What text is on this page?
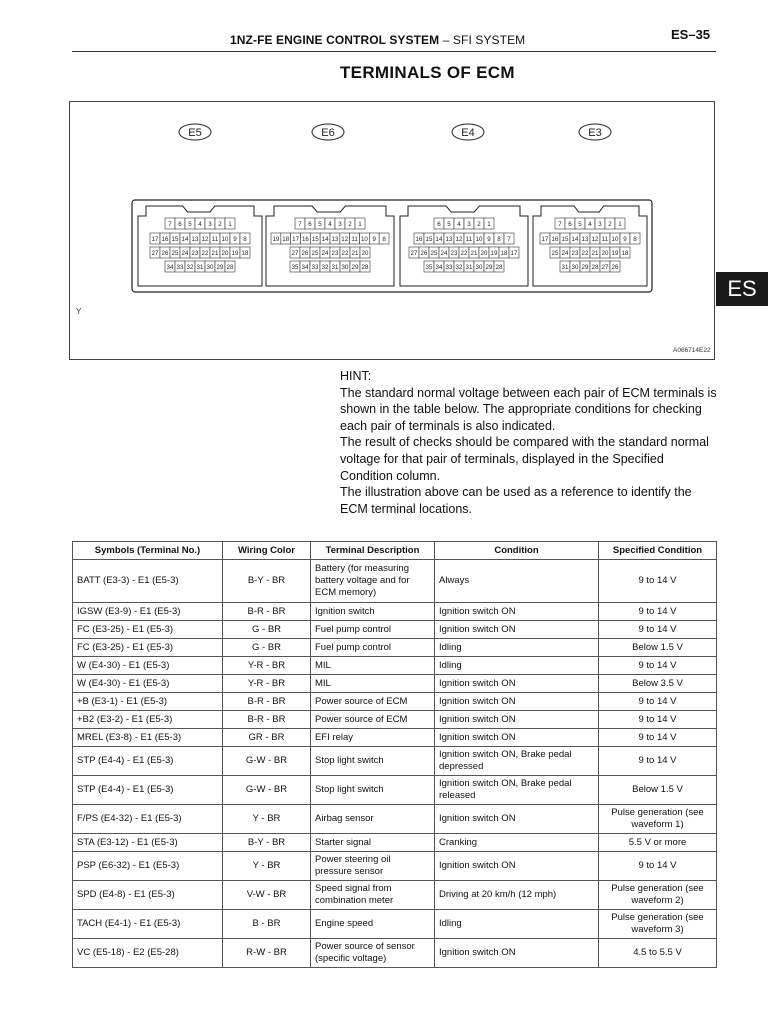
1NZ-FE ENGINE CONTROL SYSTEM – SFI SYSTEM	ES–35
TERMINALS OF ECM
ES
E5
7 6 5 4 3 2 1
17 16 15 14 13 12 11 10 9 8
27 26 25 24 23 22 21 20 19 18
34 33 32 31 30 29 28
E6
7 6 5 4 3 2 1
19 18 17 16 15 14 13 12 11 10 9 8
27 26 25 24 23 22 21 20
35 34 33 32 31 30 29 28
E4
6 5 4 3 2 1
16 15 14 13 12 11 10 9 8 7
27 26 25 24 23 22 21 20 19 18 17
35 34 33 32 31 30 29 28
E3
7 6 5 4 3 2 1
17 16 15 14 13 12 11 10 9 8
25 24 23 22 21 20 19 18
31 30 29 28 27 26
Y
A066714E22

HINT:

The standard normal voltage between each pair of ECM terminals is shown in the table below. The appropriate conditions for checking each pair of terminals is also indicated.

The result of checks should be compared with the standard normal voltage for that pair of terminals, displayed in the Specified Condition column.

The illustration above can be used as a reference to identify the ECM terminal locations.

Symbols (Terminal No.)	Wiring Color	Terminal Description	Condition	Specified Condition
BATT (E3-3) - E1 (E5-3)	B-Y - BR	Battery (for measuring battery voltage and for ECM memory)	Always	9 to 14 V
IGSW (E3-9) - E1 (E5-3)	B-R - BR	Ignition switch	Ignition switch ON	9 to 14 V
FC (E3-25) - E1 (E5-3)	G - BR	Fuel pump control	Ignition switch ON	9 to 14 V
FC (E3-25) - E1 (E5-3)	G - BR	Fuel pump control	Idling	Below 1.5 V
W (E4-30) - E1 (E5-3)	Y-R - BR	MIL	Idling	9 to 14 V
W (E4-30) - E1 (E5-3)	Y-R - BR	MIL	Ignition switch ON	Below 3.5 V
+B (E3-1) - E1 (E5-3)	B-R - BR	Power source of ECM	Ignition switch ON	9 to 14 V
+B2 (E3-2) - E1 (E5-3)	B-R - BR	Power source of ECM	Ignition switch ON	9 to 14 V
MREL (E3-8) - E1 (E5-3)	GR - BR	EFI relay	Ignition switch ON	9 to 14 V
STP (E4-4) - E1 (E5-3)	G-W - BR	Stop light switch	Ignition switch ON, Brake pedal depressed	9 to 14 V
STP (E4-4) - E1 (E5-3)	G-W - BR	Stop light switch	Ignition switch ON, Brake pedal released	Below 1.5 V
F/PS (E4-32) - E1 (E5-3)	Y - BR	Airbag sensor	Ignition switch ON	Pulse generation (see waveform 1)
STA (E3-12) - E1 (E5-3)	B-Y - BR	Starter signal	Cranking	5.5 V or more
PSP (E6-32) - E1 (E5-3)	Y - BR	Power steering oil pressure sensor	Ignition switch ON	9 to 14 V
SPD (E4-8) - E1 (E5-3)	V-W - BR	Speed signal from combination meter	Driving at 20 km/h (12 mph)	Pulse generation (see waveform 2)
TACH (E4-1) - E1 (E5-3)	B - BR	Engine speed	Idling	Pulse generation (see waveform 3)
VC (E5-18) - E2 (E5-28)	R-W - BR	Power source of sensor (specific voltage)	Ignition switch ON	4.5 to 5.5 V
